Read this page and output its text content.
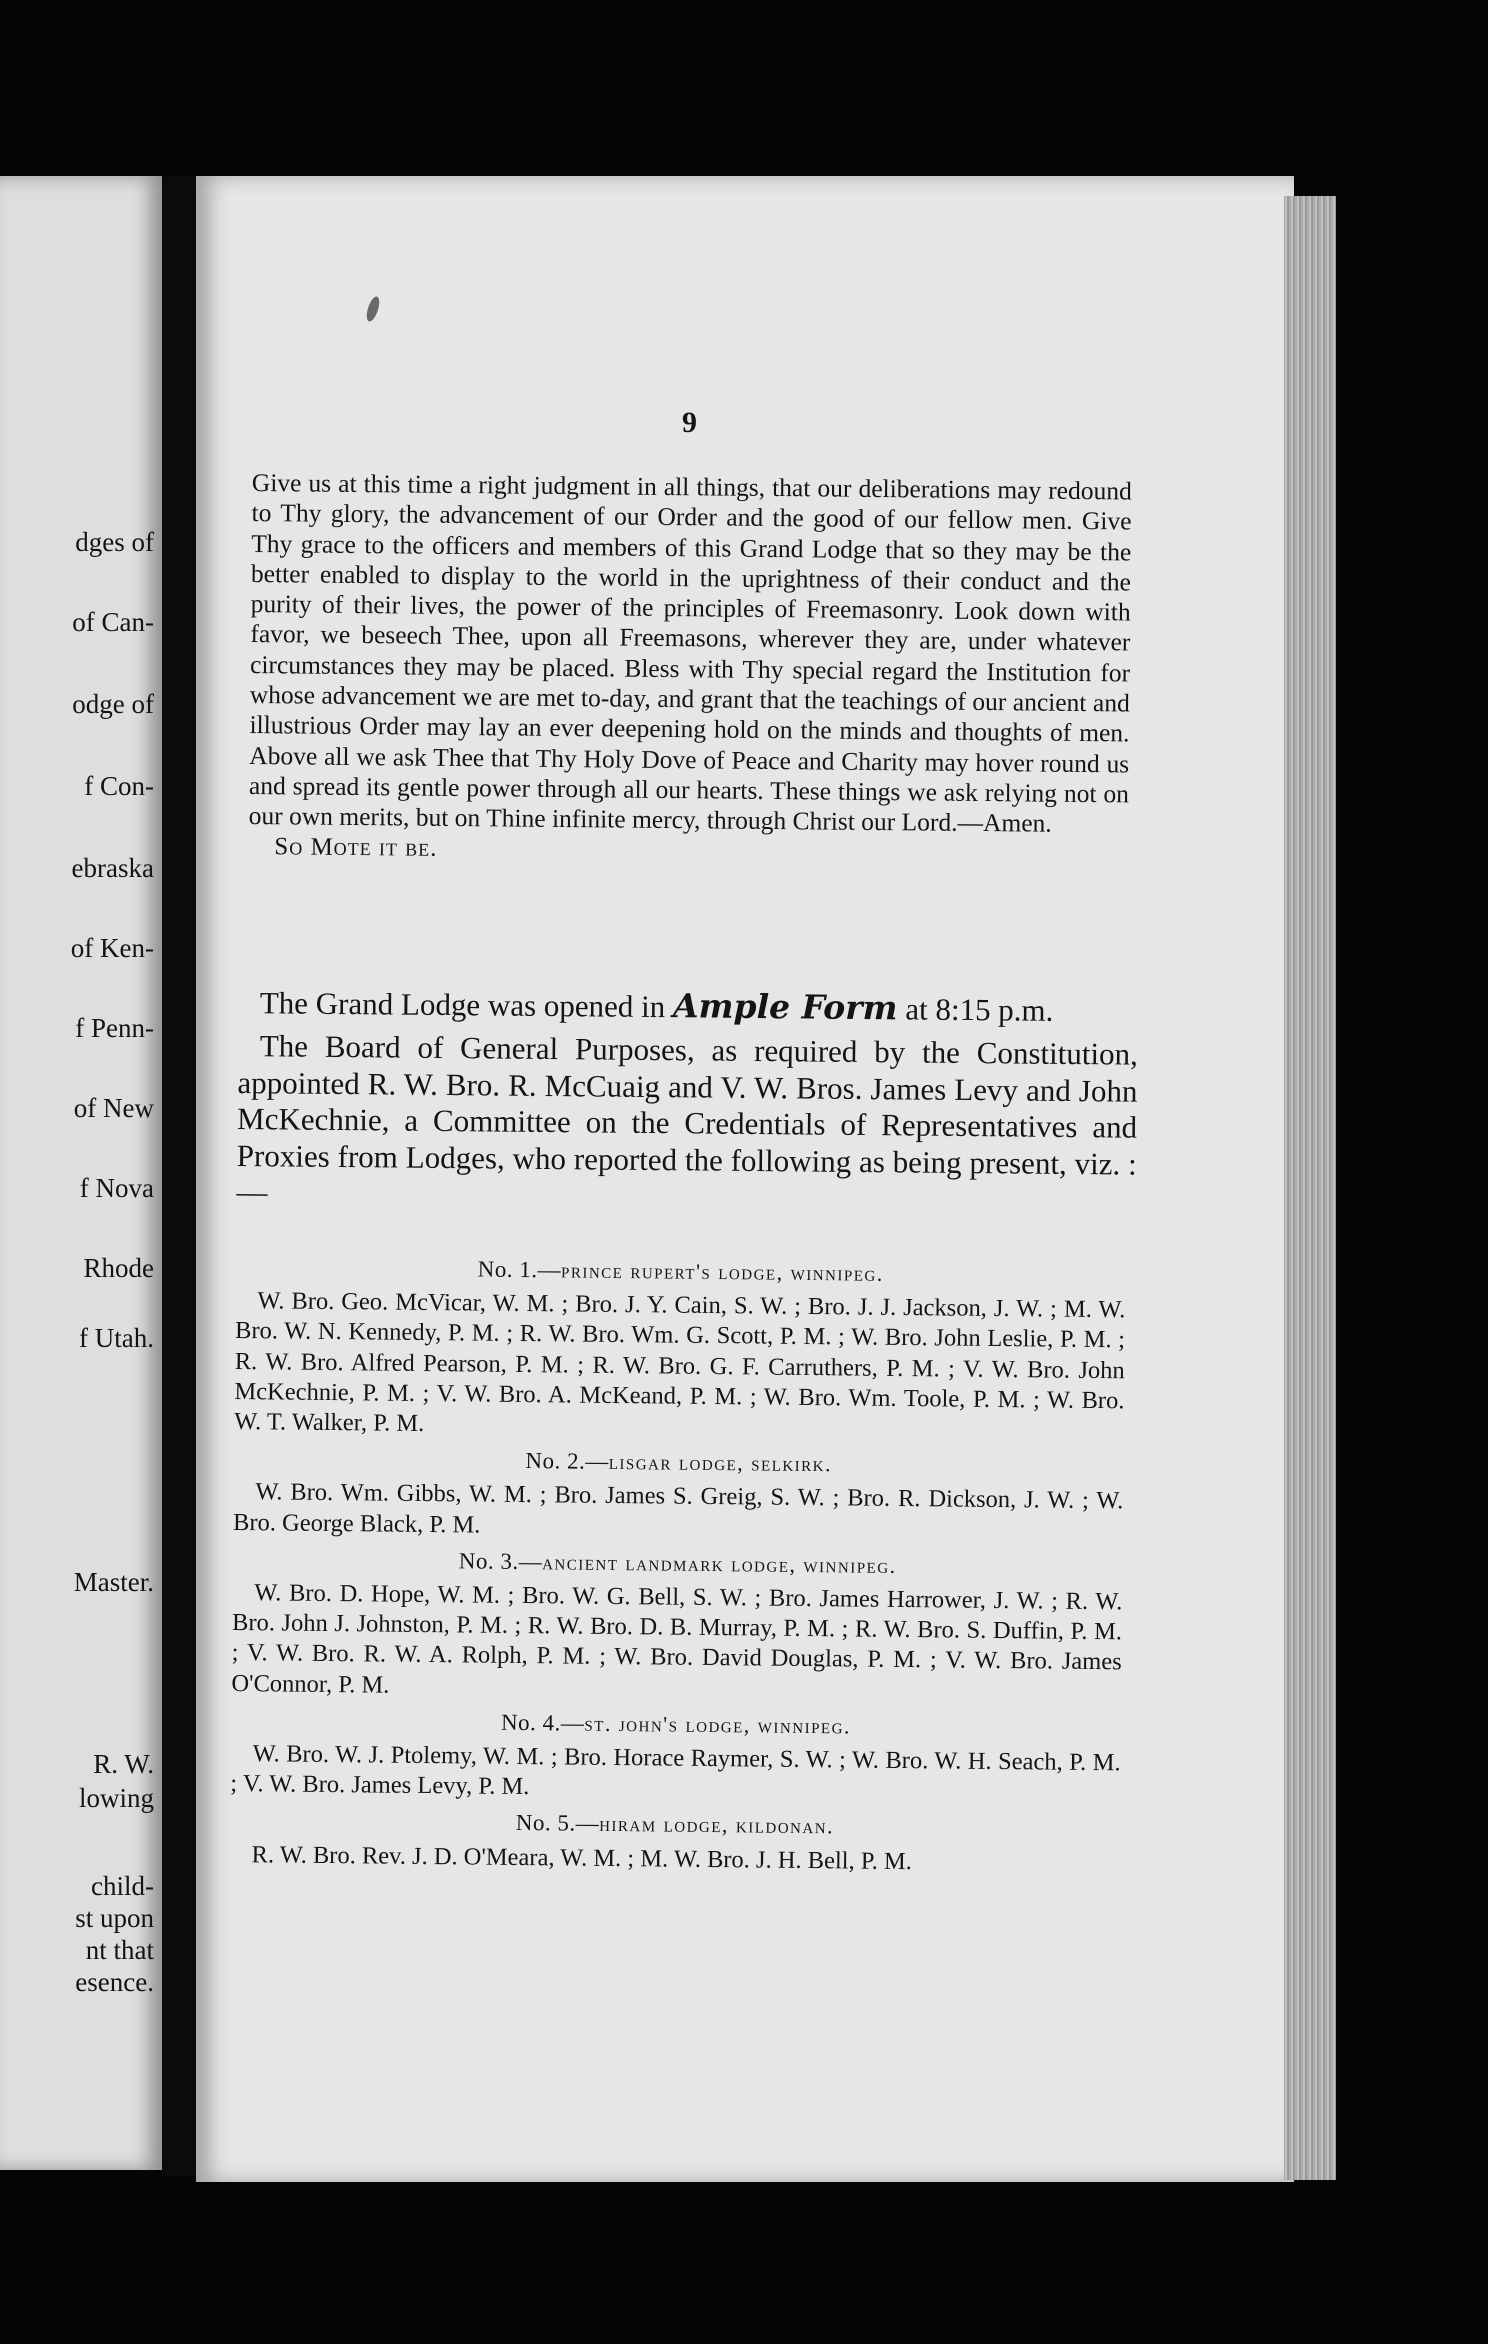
dges of
of Can-
odge of
f Con-
ebraska
of Ken-
f Penn-
of New
f Nova
Rhode
f Utah.
Master.
R. W.
lowing
child-
st upon
nt that
esence.
9

Give us at this time a right judgment in all things, that our deliberations may redound to Thy glory, the advancement of our Order and the good of our fellow men. Give Thy grace to the officers and members of this Grand Lodge that so they may be the better enabled to display to the world in the uprightness of their conduct and the purity of their lives, the power of the principles of Freemasonry. Look down with favor, we beseech Thee, upon all Freemasons, wherever they are, under whatever circumstances they may be placed. Bless with Thy special regard the Institution for whose advancement we are met to-day, and grant that the teachings of our ancient and illustrious Order may lay an ever deepening hold on the minds and thoughts of men. Above all we ask Thee that Thy Holy Dove of Peace and Charity may hover round us and spread its gentle power through all our hearts. These things we ask relying not on our own merits, but on Thine infinite mercy, through Christ our Lord.—Amen.

So Mote it be.

The Grand Lodge was opened in Ample Form at 8:15 p.m.
The Board of General Purposes, as required by the Constitution, appointed R. W. Bro. R. McCuaig and V. W. Bros. James Levy and John McKechnie, a Committee on the Credentials of Representatives and Proxies from Lodges, who reported the following as being present, viz. :—
No. 1.—prince rupert's lodge, winnipeg.

W. Bro. Geo. McVicar, W. M. ; Bro. J. Y. Cain, S. W. ; Bro. J. J. Jackson, J. W. ; M. W. Bro. W. N. Kennedy, P. M. ; R. W. Bro. Wm. G. Scott, P. M. ; W. Bro. John Leslie, P. M. ; R. W. Bro. Alfred Pearson, P. M. ; R. W. Bro. G. F. Carruthers, P. M. ; V. W. Bro. John McKechnie, P. M. ; V. W. Bro. A. McKeand, P. M. ; W. Bro. Wm. Toole, P. M. ; W. Bro. W. T. Walker, P. M.

No. 2.—lisgar lodge, selkirk.

W. Bro. Wm. Gibbs, W. M. ; Bro. James S. Greig, S. W. ; Bro. R. Dickson, J. W. ; W. Bro. George Black, P. M.

No. 3.—ancient landmark lodge, winnipeg.

W. Bro. D. Hope, W. M. ; Bro. W. G. Bell, S. W. ; Bro. James Harrower, J. W. ; R. W. Bro. John J. Johnston, P. M. ; R. W. Bro. D. B. Murray, P. M. ; R. W. Bro. S. Duffin, P. M. ; V. W. Bro. R. W. A. Rolph, P. M. ; W. Bro. David Douglas, P. M. ; V. W. Bro. James O'Connor, P. M.

No. 4.—st. john's lodge, winnipeg.

W. Bro. W. J. Ptolemy, W. M. ; Bro. Horace Raymer, S. W. ; W. Bro. W. H. Seach, P. M. ; V. W. Bro. James Levy, P. M.

No. 5.—hiram lodge, kildonan.

R. W. Bro. Rev. J. D. O'Meara, W. M. ; M. W. Bro. J. H. Bell, P. M.
